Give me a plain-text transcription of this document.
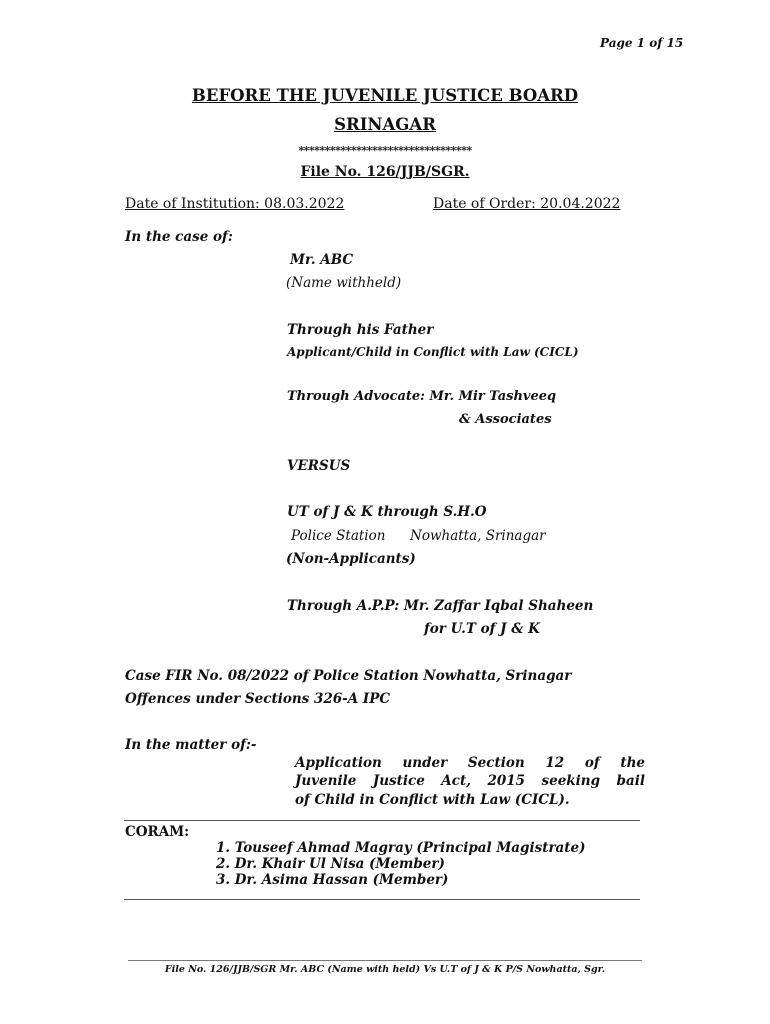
Page 1 of 15
BEFORE THE JUVENILE JUSTICE BOARD
SRINAGAR
*********************************
File No. 126/JJB/SGR.
Date of Institution: 08.03.2022	Date of Order: 20.04.2022
In the case of:
Mr. ABC
(Name withheld)
Through his Father
Applicant/Child in Conflict with Law (CICL)
Through Advocate: Mr. Mir Tashveeq
& Associates
VERSUS
UT of J & K through S.H.O
Police Station Nowhatta, Srinagar
(Non-Applicants)
Through A.P.P: Mr. Zaffar Iqbal Shaheen
for U.T of J & K
Case FIR No. 08/2022 of Police Station Nowhatta, Srinagar
Offences under Sections 326-A IPC
In the matter of:-
Application under Section 12 of the
Juvenile Justice Act, 2015 seeking bail
of Child in Conflict with Law (CICL).
CORAM:
1. Touseef Ahmad Magray (Principal Magistrate)
2. Dr. Khair Ul Nisa (Member)
3. Dr. Asima Hassan (Member)
File No. 126/JJB/SGR Mr. ABC (Name with held) Vs U.T of J & K P/S Nowhatta, Sgr.
